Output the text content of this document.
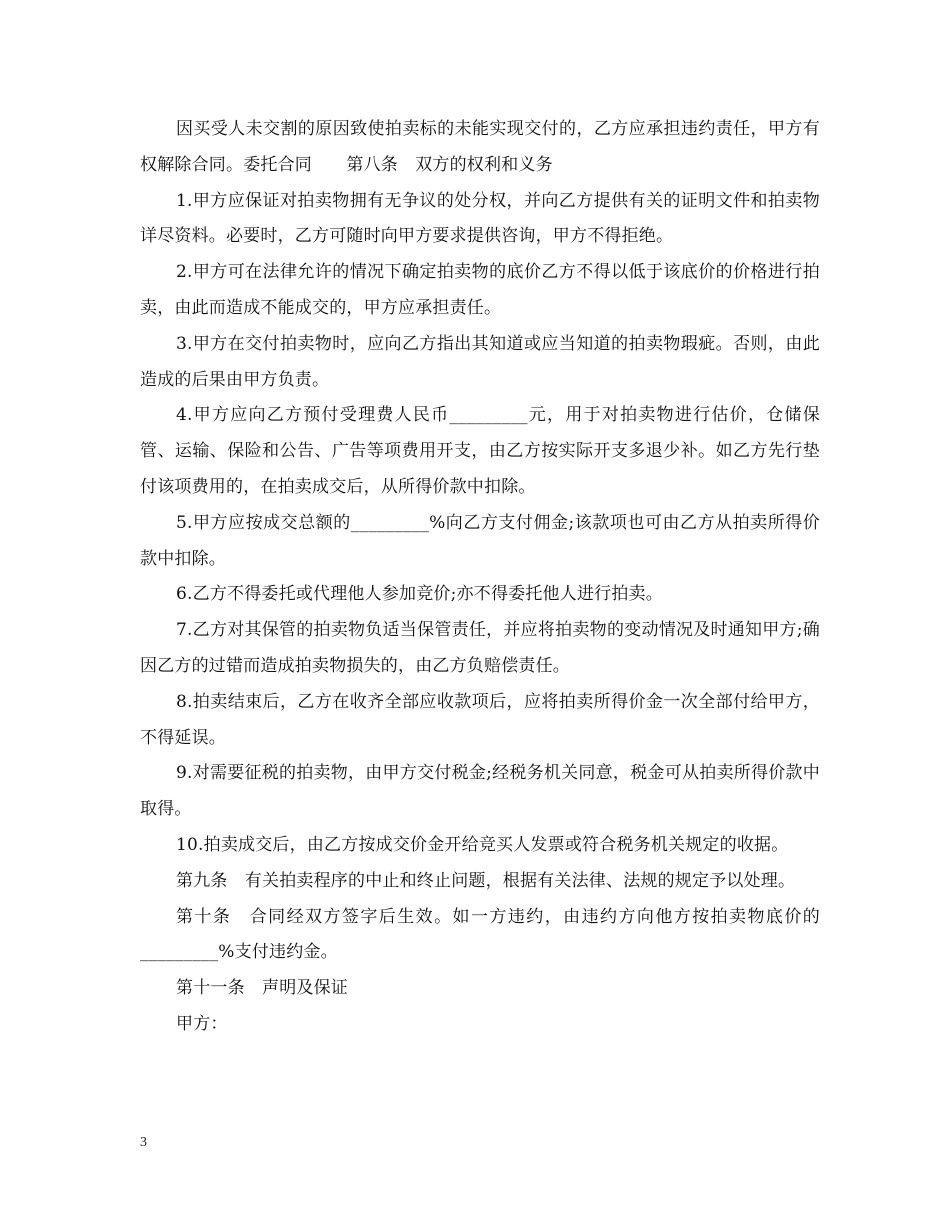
因买受人未交割的原因致使拍卖标的未能实现交付的，乙方应承担违约责任，甲方有权解除合同。委托合同　　第八条　双方的权利和义务

1.甲方应保证对拍卖物拥有无争议的处分权，并向乙方提供有关的证明文件和拍卖物详尽资料。必要时，乙方可随时向甲方要求提供咨询，甲方不得拒绝。

2.甲方可在法律允许的情况下确定拍卖物的底价乙方不得以低于该底价的价格进行拍卖，由此而造成不能成交的，甲方应承担责任。

3.甲方在交付拍卖物时，应向乙方指出其知道或应当知道的拍卖物瑕疵。否则，由此造成的后果由甲方负责。

4.甲方应向乙方预付受理费人民币_________元，用于对拍卖物进行估价，仓储保管、运输、保险和公告、广告等项费用开支，由乙方按实际开支多退少补。如乙方先行垫付该项费用的，在拍卖成交后，从所得价款中扣除。

5.甲方应按成交总额的_________%向乙方支付佣金;该款项也可由乙方从拍卖所得价款中扣除。

6.乙方不得委托或代理他人参加竞价;亦不得委托他人进行拍卖。

7.乙方对其保管的拍卖物负适当保管责任，并应将拍卖物的变动情况及时通知甲方;确因乙方的过错而造成拍卖物损失的，由乙方负赔偿责任。

8.拍卖结束后，乙方在收齐全部应收款项后，应将拍卖所得价金一次全部付给甲方，不得延误。

9.对需要征税的拍卖物，由甲方交付税金;经税务机关同意，税金可从拍卖所得价款中取得。

10.拍卖成交后，由乙方按成交价金开给竞买人发票或符合税务机关规定的收据。

第九条　有关拍卖程序的中止和终止问题，根据有关法律、法规的规定予以处理。

第十条　合同经双方签字后生效。如一方违约，由违约方向他方按拍卖物底价的_________%支付违约金。

第十一条　声明及保证

甲方：

3
